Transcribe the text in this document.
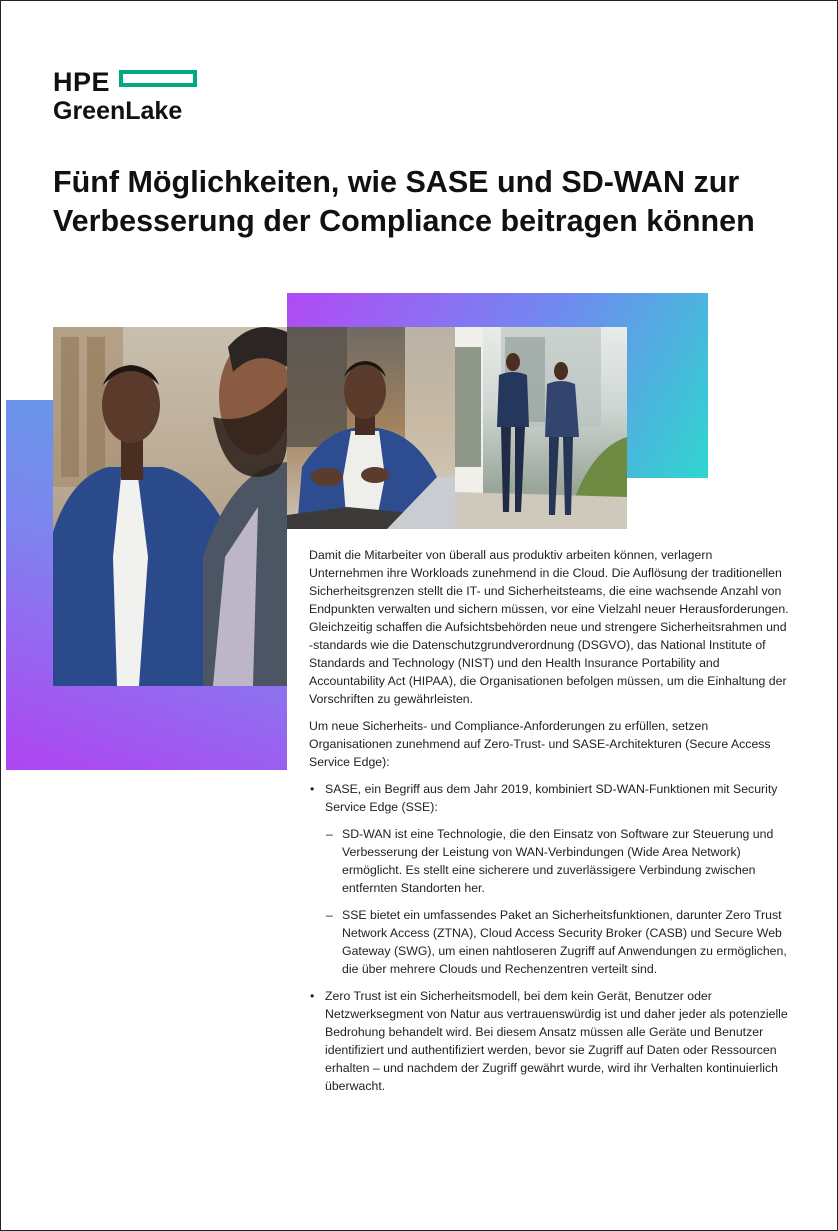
HPE
GreenLake
Fünf Möglichkeiten, wie SASE und SD-WAN zur Verbesserung der Compliance beitragen können

Damit die Mitarbeiter von überall aus produktiv arbeiten können, verlagern Unternehmen ihre Workloads zunehmend in die Cloud. Die Auflösung der traditionellen Sicherheitsgrenzen stellt die IT- und Sicherheitsteams, die eine wachsende Anzahl von Endpunkten verwalten und sichern müssen, vor eine Vielzahl neuer Herausforderungen. Gleichzeitig schaffen die Aufsichtsbehörden neue und strengere Sicherheitsrahmen und -standards wie die Datenschutzgrundverordnung (DSGVO), das National Institute of Standards and Technology (NIST) und den Health Insurance Portability and Accountability Act (HIPAA), die Organisationen befolgen müssen, um die Einhaltung der Vorschriften zu gewährleisten.

Um neue Sicherheits- und Compliance-Anforderungen zu erfüllen, setzen Organisationen zunehmend auf Zero-Trust- und SASE-Architekturen (Secure Access Service Edge):

• SASE, ein Begriff aus dem Jahr 2019, kombiniert SD-WAN-Funktionen mit Security Service Edge (SSE):
– SD-WAN ist eine Technologie, die den Einsatz von Software zur Steuerung und Verbesserung der Leistung von WAN-Verbindungen (Wide Area Network) ermöglicht. Es stellt eine sicherere und zuverlässigere Verbindung zwischen entfernten Standorten her.
– SSE bietet ein umfassendes Paket an Sicherheitsfunktionen, darunter Zero Trust Network Access (ZTNA), Cloud Access Security Broker (CASB) und Secure Web Gateway (SWG), um einen nahtloseren Zugriff auf Anwendungen zu ermöglichen, die über mehrere Clouds und Rechenzentren verteilt sind.
• Zero Trust ist ein Sicherheitsmodell, bei dem kein Gerät, Benutzer oder Netzwerksegment von Natur aus vertrauenswürdig ist und daher jeder als potenzielle Bedrohung behandelt wird. Bei diesem Ansatz müssen alle Geräte und Benutzer identifiziert und authentifiziert werden, bevor sie Zugriff auf Daten oder Ressourcen erhalten – und nachdem der Zugriff gewährt wurde, wird ihr Verhalten kontinuierlich überwacht.
